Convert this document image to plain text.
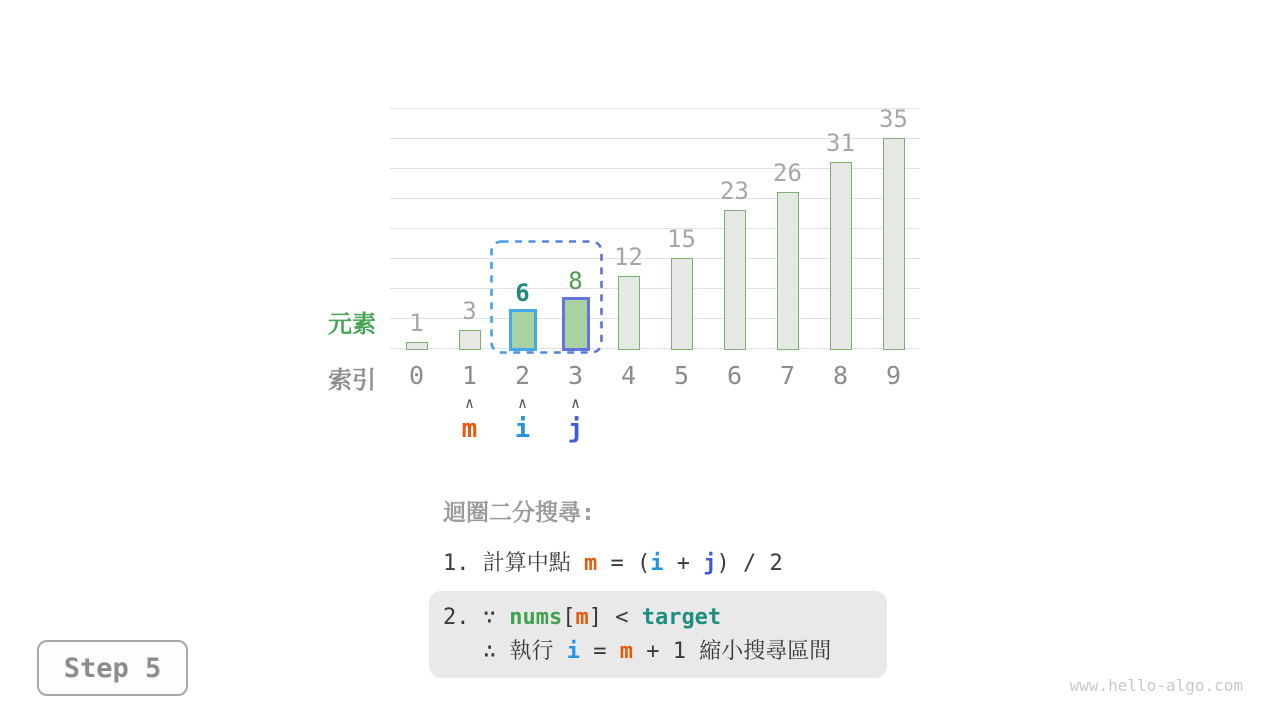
1
0
3
1
6
2
8
3
12
4
15
5
23
6
26
7
31
8
35
9
∧
m
∧
i
∧
j
元素
索引
迴圈二分搜尋:
1. 計算中點 m = (i + j) / 2
2. ∵ nums[m] < target
∴ 執行 i = m + 1 縮小搜尋區間
Step 5
www.hello-algo.com
